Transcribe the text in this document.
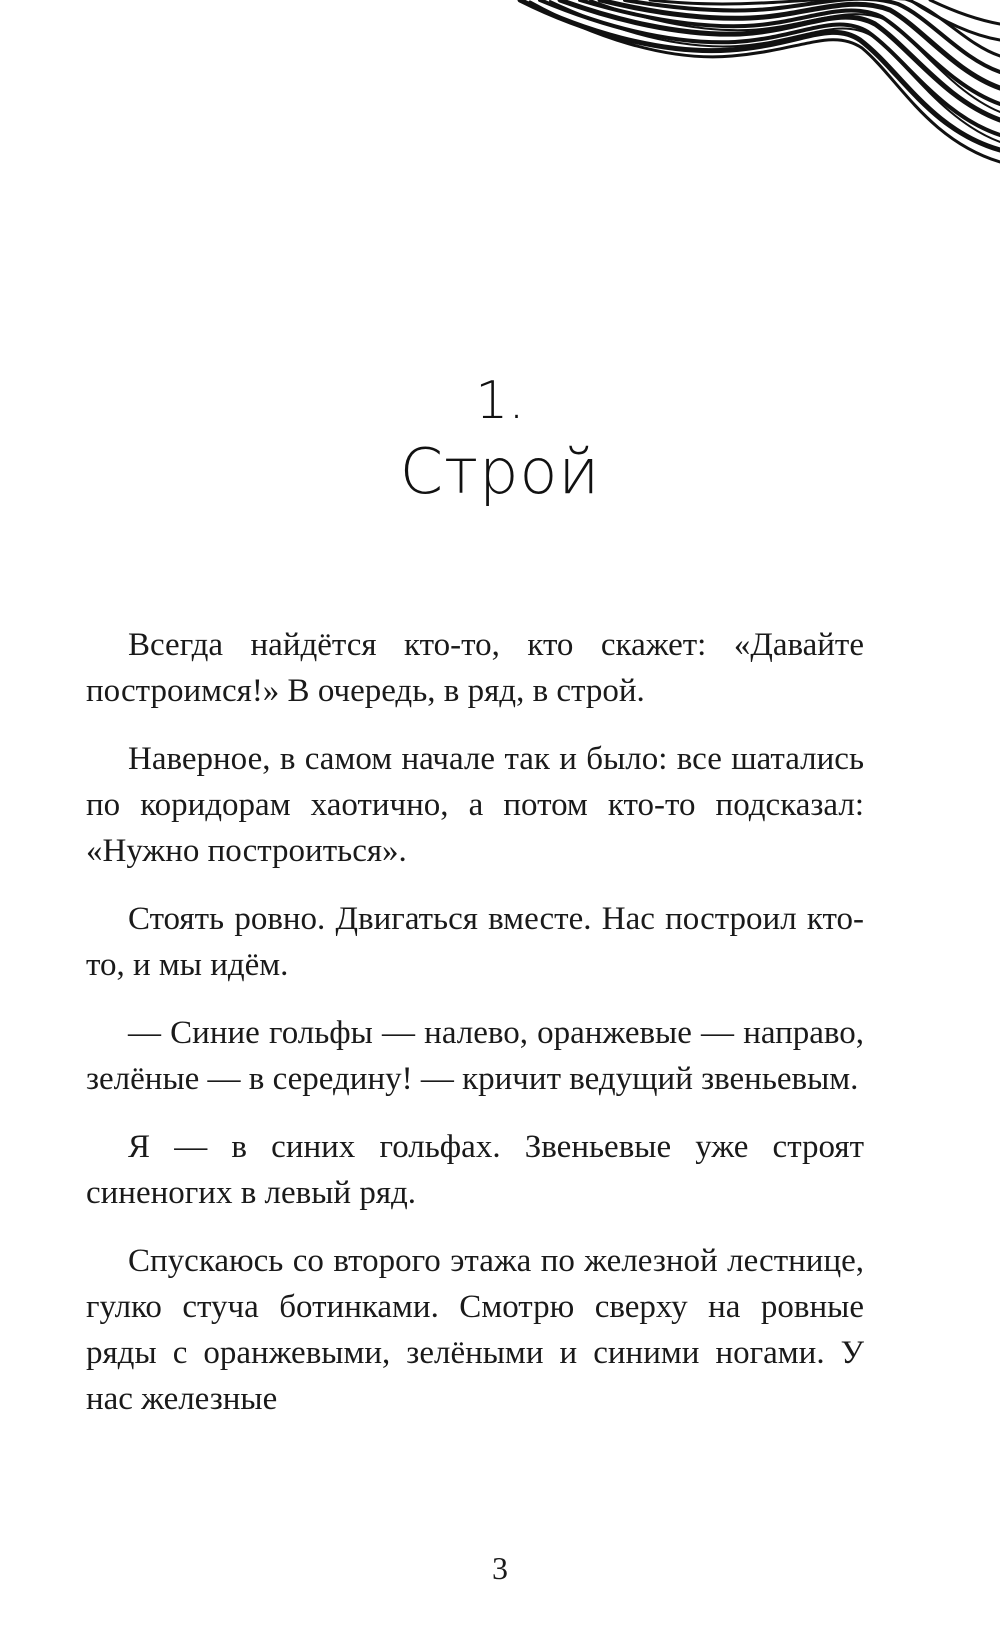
1.
Строй

Всегда найдётся кто-то, кто скажет: «Давайте построимся!» В очередь, в ряд, в строй.

Наверное, в самом начале так и было: все шатались по коридорам хаотично, а потом кто-то подсказал: «Нужно построиться».

Стоять ровно. Двигаться вместе. Нас построил кто-то, и мы идём.

— Синие гольфы — налево, оранжевые — направо, зелёные — в середину! — кричит ведущий звеньевым.

Я — в синих гольфах. Звеньевые уже строят синеногих в левый ряд.

Спускаюсь со второго этажа по железной лестнице, гулко стуча ботинками. Смотрю сверху на ровные ряды с оранжевыми, зелёными и синими ногами. У нас железные

3
